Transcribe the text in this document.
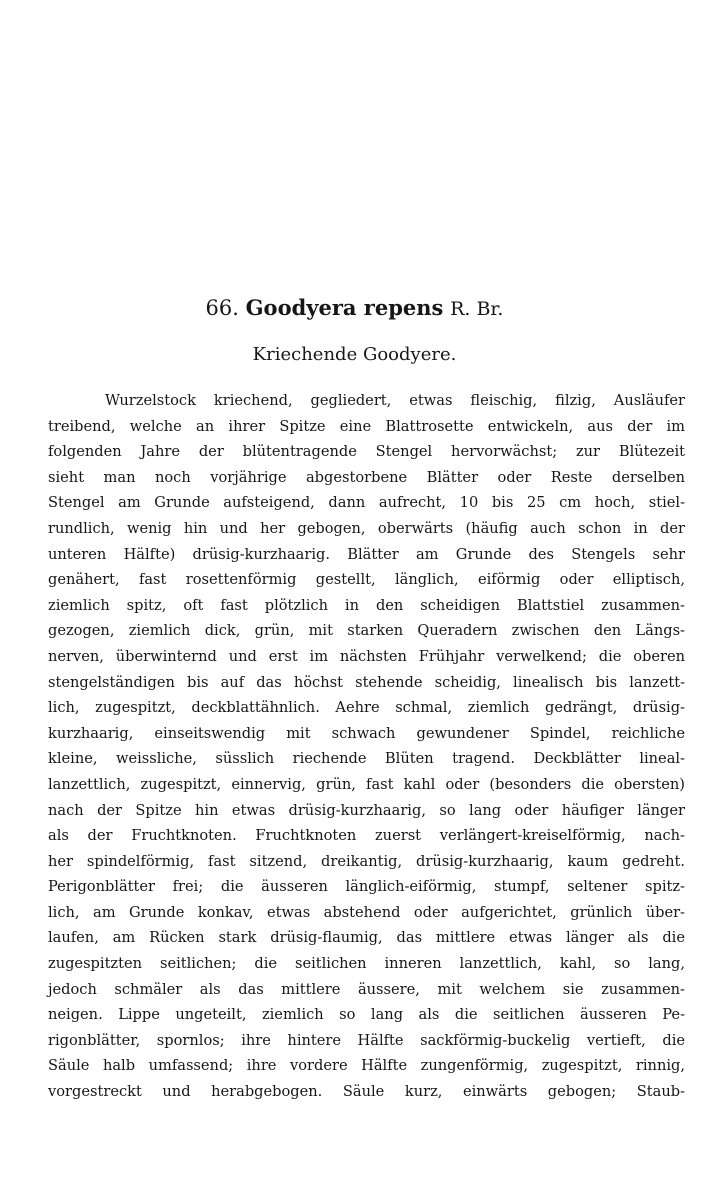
66. Goodyera repens R. Br.
Kriechende Goodyere.
Wurzelstock kriechend, gegliedert, etwas fleischig, filzig, Ausläufer
treibend, welche an ihrer Spitze eine Blattrosette entwickeln, aus der im
folgenden Jahre der blütentragende Stengel hervorwächst; zur Blütezeit
sieht man noch vorjährige abgestorbene Blätter oder Reste derselben
Stengel am Grunde aufsteigend, dann aufrecht, 10 bis 25 cm hoch, stiel-
rundlich, wenig hin und her gebogen, oberwärts (häufig auch schon in der
unteren Hälfte) drüsig-kurzhaarig. Blätter am Grunde des Stengels sehr
genähert, fast rosettenförmig gestellt, länglich, eiförmig oder elliptisch,
ziemlich spitz, oft fast plötzlich in den scheidigen Blattstiel zusammen-
gezogen, ziemlich dick, grün, mit starken Queradern zwischen den Längs-
nerven, überwinternd und erst im nächsten Frühjahr verwelkend; die oberen
stengelständigen bis auf das höchst stehende scheidig, linealisch bis lanzett-
lich, zugespitzt, deckblattähnlich. Aehre schmal, ziemlich gedrängt, drüsig-
kurzhaarig, einseitswendig mit schwach gewundener Spindel, reichliche
kleine, weissliche, süsslich riechende Blüten tragend. Deckblätter lineal-
lanzettlich, zugespitzt, einnervig, grün, fast kahl oder (besonders die obersten)
nach der Spitze hin etwas drüsig-kurzhaarig, so lang oder häufiger länger
als der Fruchtknoten. Fruchtknoten zuerst verlängert-kreiselförmig, nach-
her spindelförmig, fast sitzend, dreikantig, drüsig-kurzhaarig, kaum gedreht.
Perigonblätter frei; die äusseren länglich-eiförmig, stumpf, seltener spitz-
lich, am Grunde konkav, etwas abstehend oder aufgerichtet, grünlich über-
laufen, am Rücken stark drüsig-flaumig, das mittlere etwas länger als die
zugespitzten seitlichen; die seitlichen inneren lanzettlich, kahl, so lang,
jedoch schmäler als das mittlere äussere, mit welchem sie zusammen-
neigen. Lippe ungeteilt, ziemlich so lang als die seitlichen äusseren Pe-
rigonblätter, spornlos; ihre hintere Hälfte sackförmig-buckelig vertieft, die
Säule halb umfassend; ihre vordere Hälfte zungenförmig, zugespitzt, rinnig,
vorgestreckt und herabgebogen. Säule kurz, einwärts gebogen; Staub-
